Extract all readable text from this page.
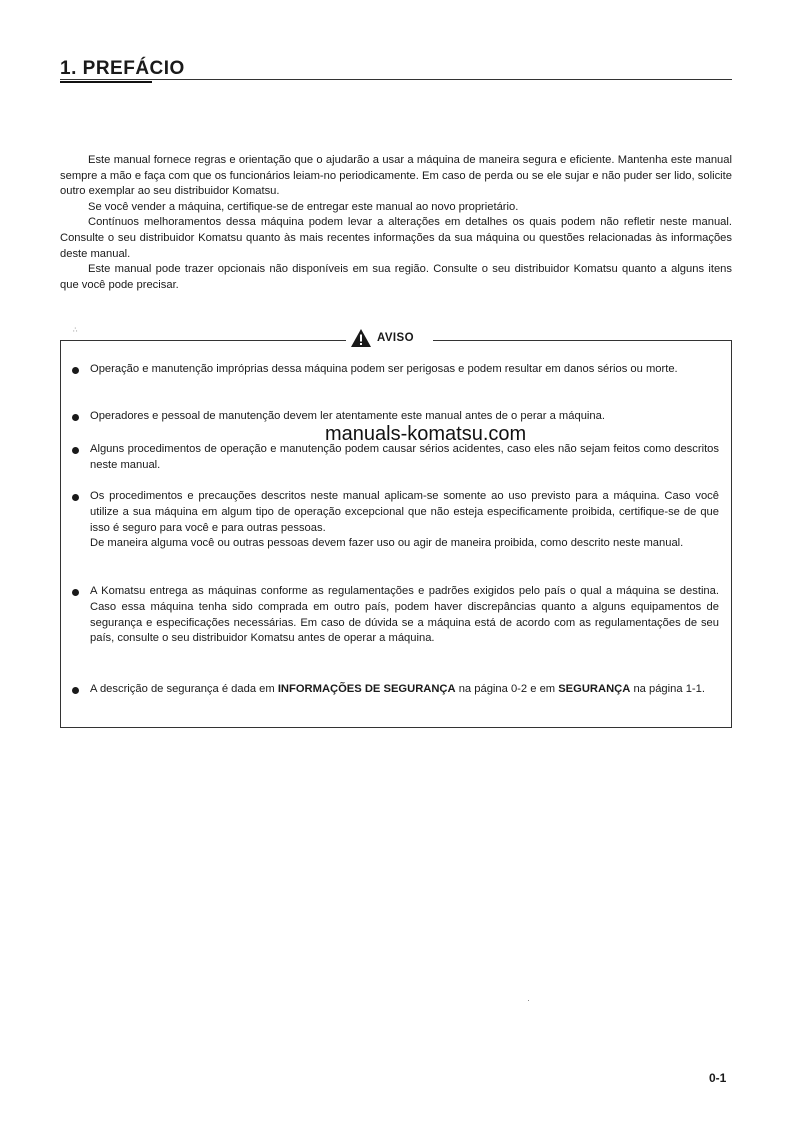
1. PREFÁCIO

Este manual fornece regras e orientação que o ajudarão a usar a máquina de maneira segura e eficiente. Mantenha este manual sempre a mão e faça com que os funcionários leiam-no periodicamente. Em caso de perda ou se ele sujar e não puder ser lido, solicite outro exemplar ao seu distribuidor Komatsu.

Se você vender a máquina, certifique-se de entregar este manual ao novo proprietário.

Contínuos melhoramentos dessa máquina podem levar a alterações em detalhes os quais podem não refletir neste manual. Consulte o seu distribuidor Komatsu quanto às mais recentes informações da sua máquina ou questões relacionadas às informações deste manual.

Este manual pode trazer opcionais não disponíveis em sua região. Consulte o seu distribuidor Komatsu quanto a alguns itens que você pode precisar.

∴
AVISO
Operação e manutenção impróprias dessa máquina podem ser perigosas e podem resultar em danos sérios ou morte.
Operadores e pessoal de manutenção devem ler atentamente este manual antes de o perar a máquina.
Alguns procedimentos de operação e manutenção podem causar sérios acidentes, caso eles não sejam feitos como descritos neste manual.
Os procedimentos e precauções descritos neste manual aplicam-se somente ao uso previsto para a máquina. Caso você utilize a sua máquina em algum tipo de operação excepcional que não esteja especificamente proibida, certifique-se de que isso é seguro para você e para outras pessoas.
De maneira alguma você ou outras pessoas devem fazer uso ou agir de maneira proibida, como descrito neste manual.
A Komatsu entrega as máquinas conforme as regulamentações e padrões exigidos pelo país o qual a máquina se destina. Caso essa máquina tenha sido comprada em outro país, podem haver discrepâncias quanto a alguns equipamentos de segurança e especificações necessárias. Em caso de dúvida se a máquina está de acordo com as regulamentações de seu país, consulte o seu distribuidor Komatsu antes de operar a máquina.
A descrição de segurança é dada em INFORMAÇÕES DE SEGURANÇA na página 0-2 e em SEGURANÇA na página 1-1.
manuals-komatsu.com
0-1
